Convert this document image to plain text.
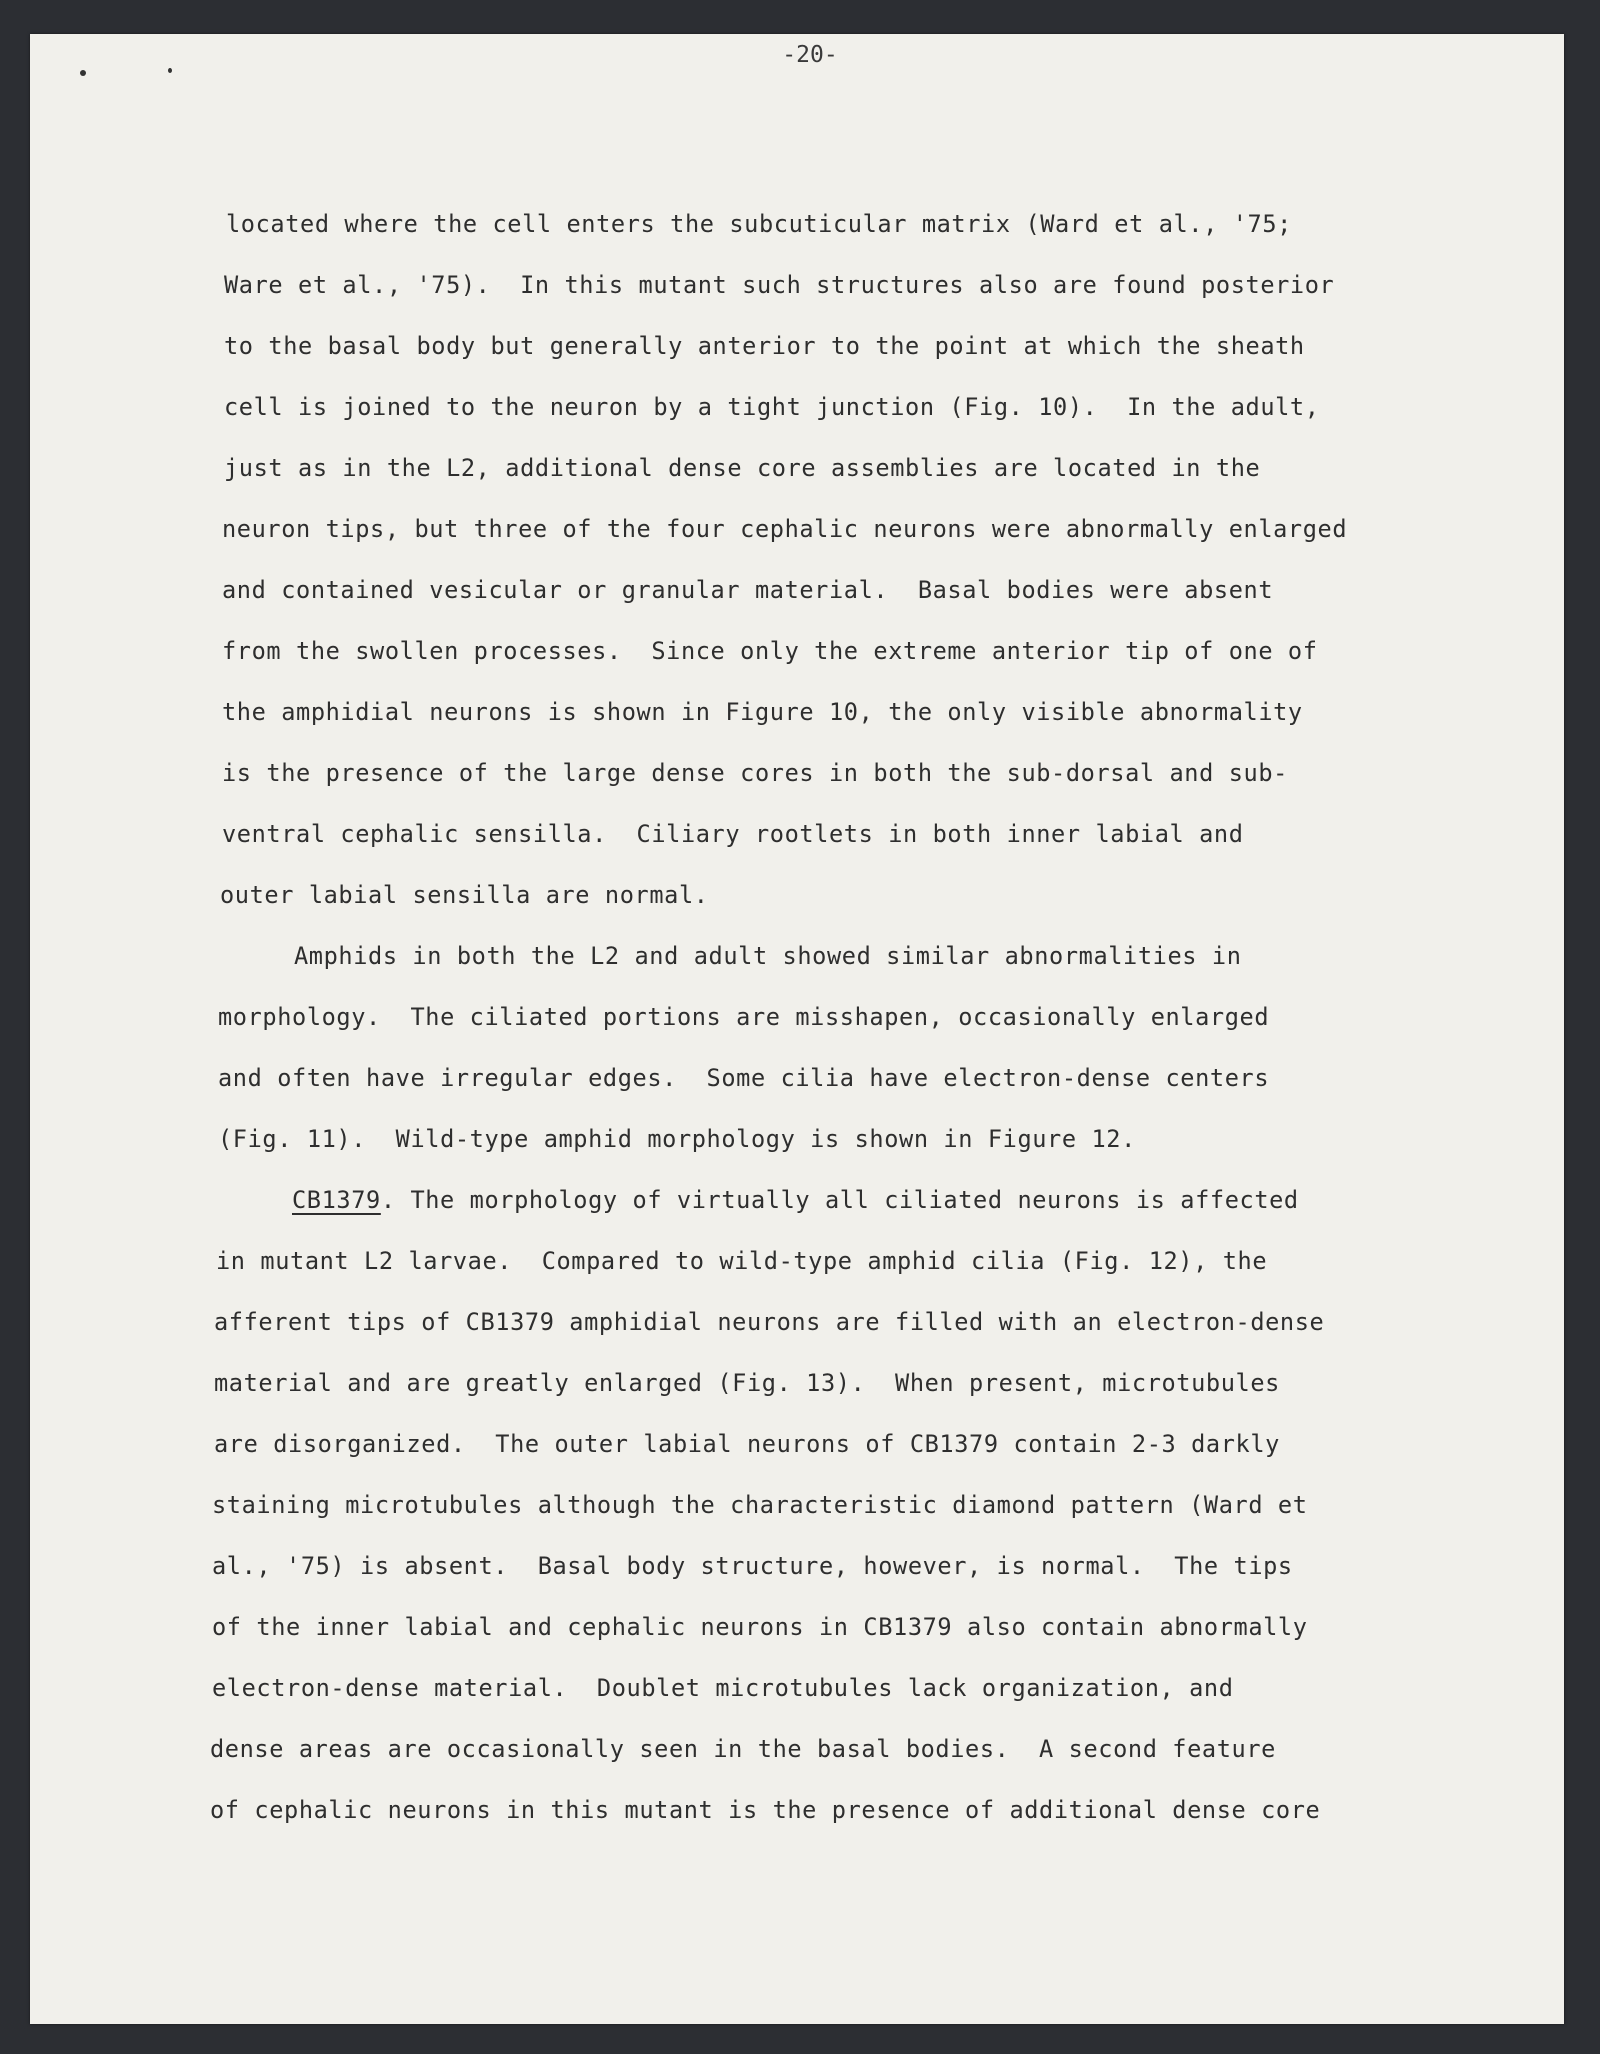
-20-
located where the cell enters the subcuticular matrix (Ward et al., '75;
Ware et al., '75).  In this mutant such structures also are found posterior
to the basal body but generally anterior to the point at which the sheath
cell is joined to the neuron by a tight junction (Fig. 10).  In the adult,
just as in the L2, additional dense core assemblies are located in the
neuron tips, but three of the four cephalic neurons were abnormally enlarged
and contained vesicular or granular material.  Basal bodies were absent
from the swollen processes.  Since only the extreme anterior tip of one of
the amphidial neurons is shown in Figure 10, the only visible abnormality
is the presence of the large dense cores in both the sub-dorsal and sub-
ventral cephalic sensilla.  Ciliary rootlets in both inner labial and
outer labial sensilla are normal.
Amphids in both the L2 and adult showed similar abnormalities in
morphology.  The ciliated portions are misshapen, occasionally enlarged
and often have irregular edges.  Some cilia have electron-dense centers
(Fig. 11).  Wild-type amphid morphology is shown in Figure 12.
CB1379. The morphology of virtually all ciliated neurons is affected
in mutant L2 larvae.  Compared to wild-type amphid cilia (Fig. 12), the
afferent tips of CB1379 amphidial neurons are filled with an electron-dense
material and are greatly enlarged (Fig. 13).  When present, microtubules
are disorganized.  The outer labial neurons of CB1379 contain 2-3 darkly
staining microtubules although the characteristic diamond pattern (Ward et
al., '75) is absent.  Basal body structure, however, is normal.  The tips
of the inner labial and cephalic neurons in CB1379 also contain abnormally
electron-dense material.  Doublet microtubules lack organization, and
dense areas are occasionally seen in the basal bodies.  A second feature
of cephalic neurons in this mutant is the presence of additional dense core
